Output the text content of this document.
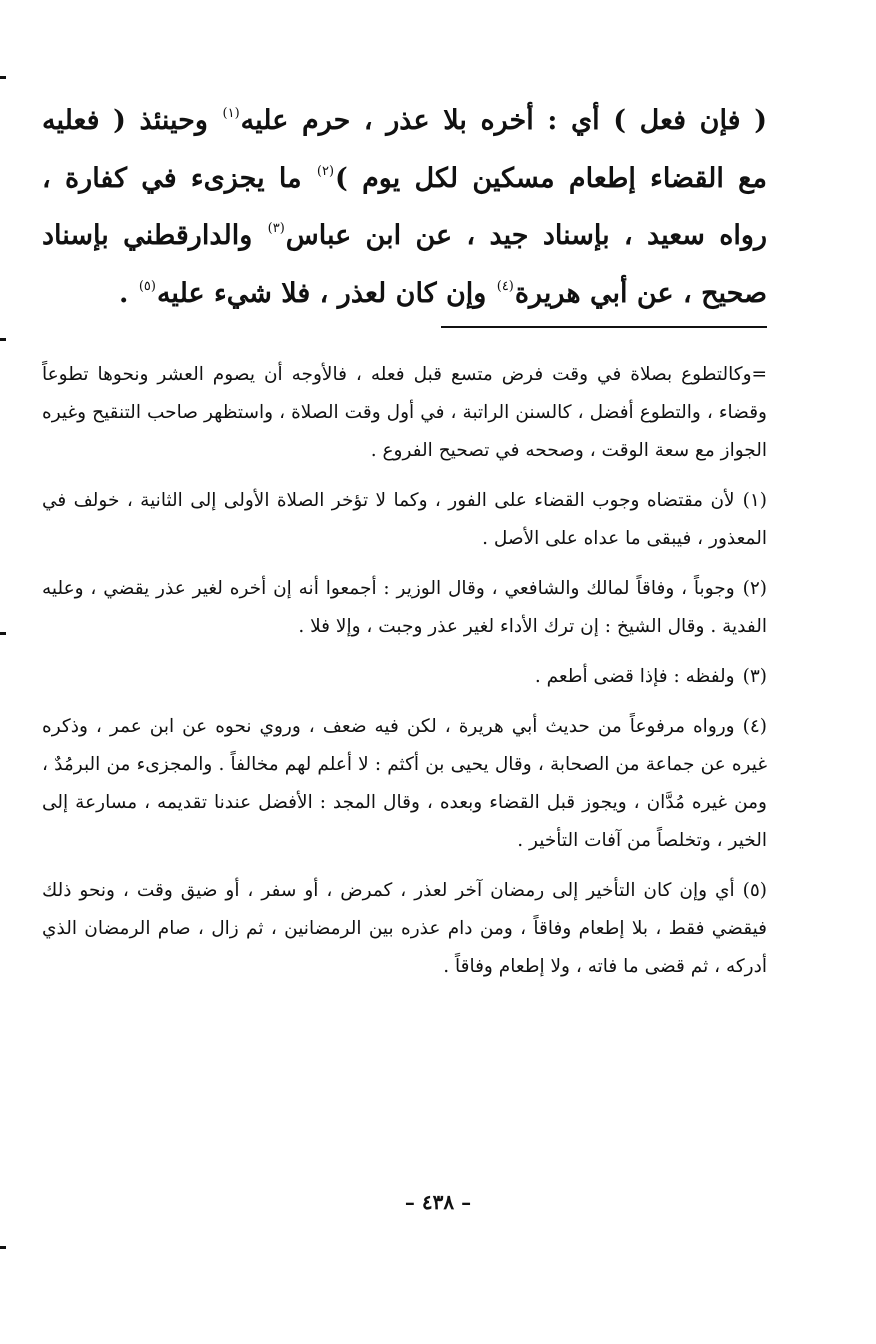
( فإن فعل ) أي : أخره بلا عذر ، حرم عليه$^{(١)}$ وحينئذ ( فعليه

مع القضاء إطعام مسكين لكل يوم )$^{(٢)}$ ما يجزىء في كفارة ،

رواه سعيد ، بإسناد جيد ، عن ابن عباس$^{(٣)}$ والدارقطني بإسناد

صحيح ، عن أبي هريرة$^{(٤)}$ وإن كان لعذر ، فلا شيء عليه$^{(٥)}$ .

=وكالتطوع بصلاة في وقت فرض متسع قبل فعله ، فالأوجه أن يصوم العشر ونحوها تطوعاً وقضاء ، والتطوع أفضل ، كالسنن الراتبة ، في أول وقت الصلاة ، واستظهر صاحب التنقيح وغيره الجواز مع سعة الوقت ، وصححه في تصحيح الفروع .

(١)لأن مقتضاه وجوب القضاء على الفور ، وكما لا تؤخر الصلاة الأولى إلى الثانية ، خولف في المعذور ، فيبقى ما عداه على الأصل .

(٢)وجوباً ، وفاقاً لمالك والشافعي ، وقال الوزير : أجمعوا أنه إن أخره لغير عذر يقضي ، وعليه الفدية . وقال الشيخ : إن ترك الأداء لغير عذر وجبت ، وإلا فلا .

(٣)ولفظه : فإذا قضى أطعم .

(٤)ورواه مرفوعاً من حديث أبي هريرة ، لكن فيه ضعف ، وروي نحوه عن ابن عمر ، وذكره غيره عن جماعة من الصحابة ، وقال يحيى بن أكثم : لا أعلم لهم مخالفاً . والمجزىء من البرمُدٌ ، ومن غيره مُدَّان ، ويجوز قبل القضاء وبعده ، وقال المجد : الأفضل عندنا تقديمه ، مسارعة إلى الخير ، وتخلصاً من آفات التأخير .

(٥)أي وإن كان التأخير إلى رمضان آخر لعذر ، كمرض ، أو سفر ، أو ضيق وقت ، ونحو ذلك فيقضي فقط ، بلا إطعام وفاقاً ، ومن دام عذره بين الرمضانين ، ثم زال ، صام الرمضان الذي أدركه ، ثم قضى ما فاته ، ولا إطعام وفاقاً .

– ٤٣٨ –
